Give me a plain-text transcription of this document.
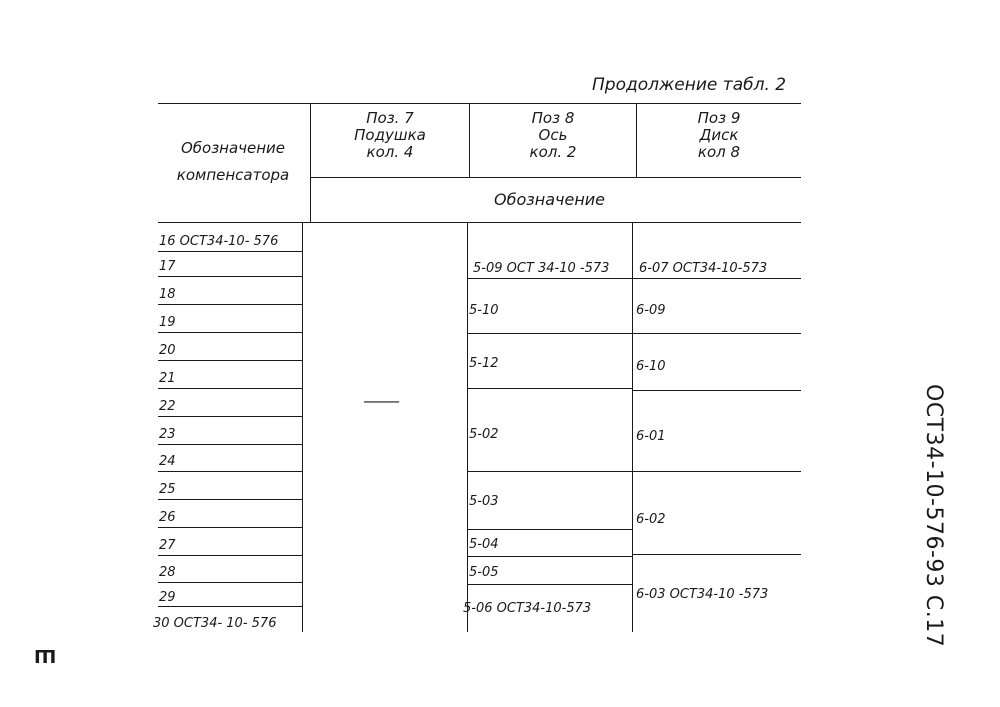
Продолжение табл. 2
Обозначение
компенсатора
Поз. 7
Подушка
кол. 4
Поз 8
Ось
кол. 2
Поз 9
Диск
кол 8
Обозначение
16 ОСТ34-10- 576
17
18
19
20
21
22
23
24
25
26
27
28
29
30 ОСТ34- 10- 576
—
5-09 ОСТ 34-10 -573
5-10
5-12
5-02
5-03
5-04
5-05
5-06 ОСТ34-10-573
6-07 ОСТ34-10-573
6-09
6-10
6-01
6-02
6-03 ОСТ34-10 -573	ОСТ34-10-576-93 С.17
Ш
